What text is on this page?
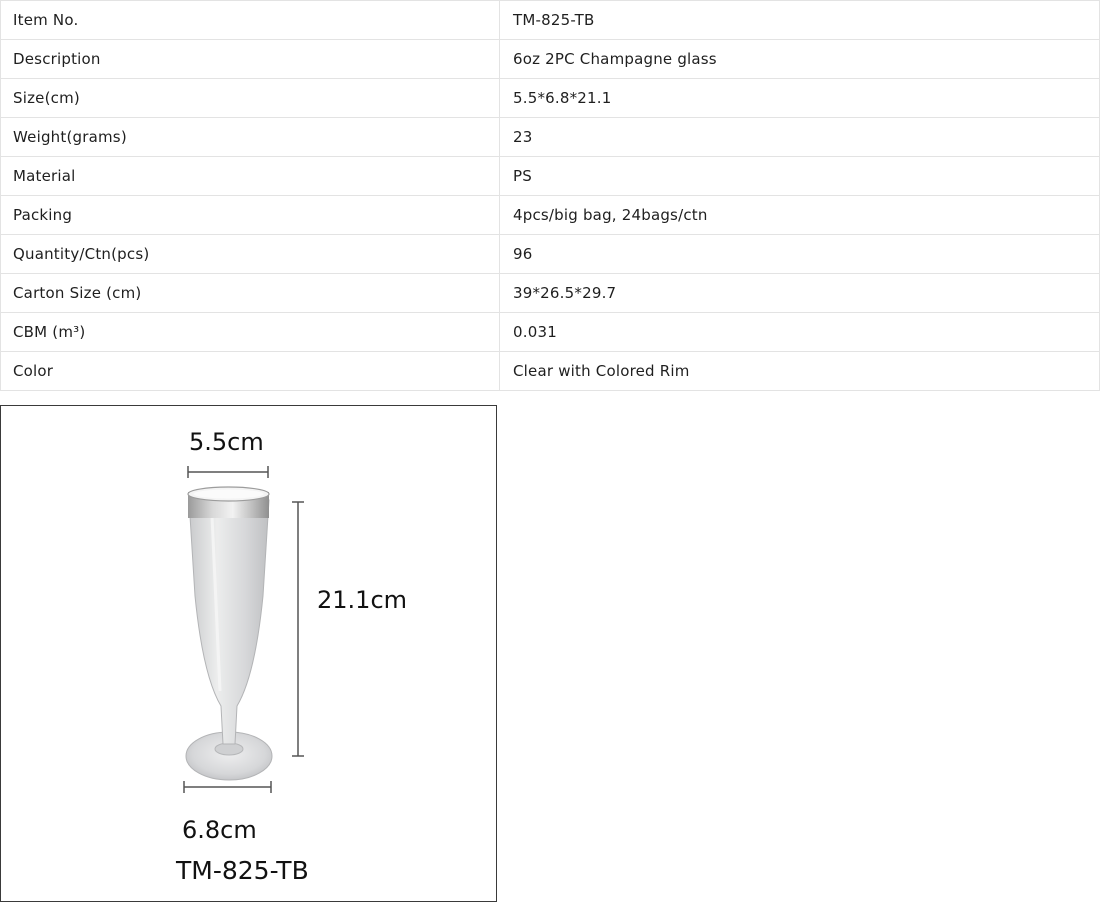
Item No.	TM-825-TB
Description	6oz 2PC Champagne glass
Size(cm)	5.5*6.8*21.1
Weight(grams)	23
Material	PS
Packing	4pcs/big bag, 24bags/ctn
Quantity/Ctn(pcs)	96
Carton Size (cm)	39*26.5*29.7
CBM (m³)	0.031
Color	Clear with Colored Rim
5.5cm
21.1cm
6.8cm
TM-825-TB
